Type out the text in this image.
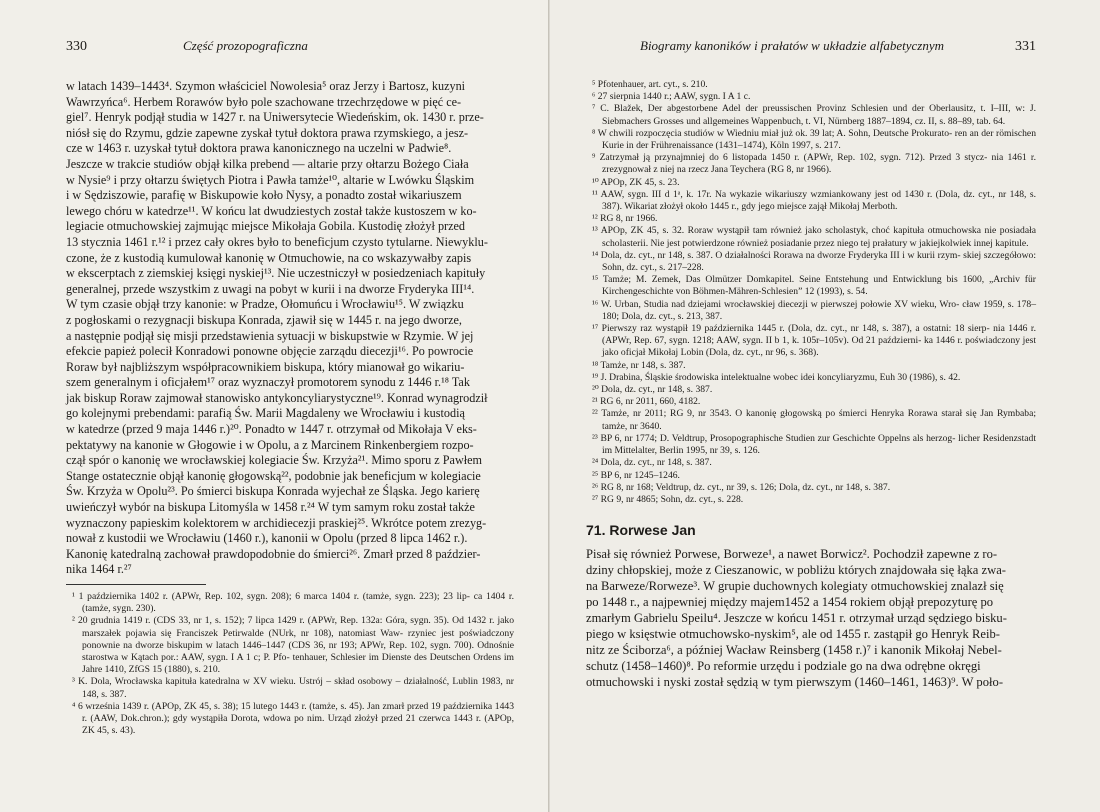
330	Część prozopograficzna

w latach 1439–1443⁴. Szymon właściciel Nowolesia⁵ oraz Jerzy i Bartosz, kuzyni

Wawrzyńca⁶. Herbem Rorawów było pole szachowane trzechrzędowe w pięć ce-

giel⁷. Henryk podjął studia w 1427 r. na Uniwersytecie Wiedeńskim, ok. 1430 r. prze-

niósł się do Rzymu, gdzie zapewne zyskał tytuł doktora prawa rzymskiego, a jesz-

cze w 1463 r. uzyskał tytuł doktora prawa kanonicznego na uczelni w Padwie⁸.

Jeszcze w trakcie studiów objął kilka prebend — altarie przy ołtarzu Bożego Ciała

w Nysie⁹ i przy ołtarzu świętych Piotra i Pawła tamże¹⁰, altarie w Lwówku Śląskim

i w Sędziszowie, parafię w Biskupowie koło Nysy, a ponadto został wikariuszem

lewego chóru w katedrze¹¹. W końcu lat dwudziestych został także kustoszem w ko-

legiacie otmuchowskiej zajmując miejsce Mikołaja Gobila. Kustodię złożył przed

13 stycznia 1461 r.¹² i przez cały okres było to beneficjum czysto tytularne. Niewyklu-

czone, że z kustodią kumulował kanonię w Otmuchowie, na co wskazywałby zapis

w ekscerptach z ziemskiej księgi nyskiej¹³. Nie uczestniczył w posiedzeniach kapituły

generalnej, przede wszystkim z uwagi na pobyt w kurii i na dworze Fryderyka III¹⁴.

W tym czasie objął trzy kanonie: w Pradze, Ołomuńcu i Wrocławiu¹⁵. W związku

z pogłoskami o rezygnacji biskupa Konrada, zjawił się w 1445 r. na jego dworze,

a następnie podjął się misji przedstawienia sytuacji w biskupstwie w Rzymie. W jej

efekcie papież polecił Konradowi ponowne objęcie zarządu diecezji¹⁶. Po powrocie

Roraw był najbliższym współpracownikiem biskupa, który mianował go wikariu-

szem generalnym i oficjałem¹⁷ oraz wyznaczył promotorem synodu z 1446 r.¹⁸ Tak

jak biskup Roraw zajmował stanowisko antykoncyliarystyczne¹⁹. Konrad wynagrodził

go kolejnymi prebendami: parafią Św. Marii Magdaleny we Wrocławiu i kustodią

w katedrze (przed 9 maja 1446 r.)²⁰. Ponadto w 1447 r. otrzymał od Mikołaja V eks-

pektatywy na kanonie w Głogowie i w Opolu, a z Marcinem Rinkenbergiem rozpo-

czął spór o kanonię we wrocławskiej kolegiacie Św. Krzyża²¹. Mimo sporu z Pawłem

Stange ostatecznie objął kanonię głogowską²², podobnie jak beneficjum w kolegiacie

Św. Krzyża w Opolu²³. Po śmierci biskupa Konrada wyjechał ze Śląska. Jego karierę

uwieńczył wybór na biskupa Litomyśla w 1458 r.²⁴ W tym samym roku został także

wyznaczony papieskim kolektorem w archidiecezji praskiej²⁵. Wkrótce potem zrezyg-

nował z kustodii we Wrocławiu (1460 r.), kanonii w Opolu (przed 8 lipca 1462 r.).

Kanonię katedralną zachował prawdopodobnie do śmierci²⁶. Zmarł przed 8 paździer-

nika 1464 r.²⁷

¹ 1 października 1402 r. (APWr, Rep. 102, sygn. 208); 6 marca 1404 r. (tamże, sygn. 223); 23 lip- ca 1404 r. (tamże, sygn. 230).

² 20 grudnia 1419 r. (CDS 33, nr 1, s. 152); 7 lipca 1429 r. (APWr, Rep. 132a: Góra, sygn. 35). Od 1432 r. jako marszałek pojawia się Franciszek Petirwalde (NUrk, nr 108), natomiast Waw- rzyniec jest poświadczony ponownie na dworze biskupim w latach 1446–1447 (CDS 36, nr 193; APWr, Rep. 102, sygn. 700). Odnośnie starostwa w Kątach por.: AAW, sygn. I A 1 c; P. Pfo- tenhauer, Schlesier im Dienste des Deutschen Ordens im Jahre 1410, ZfGS 15 (1880), s. 210.

³ K. Dola, Wrocławska kapituła katedralna w XV wieku. Ustrój – skład osobowy – działalność, Lublin 1983, nr 148, s. 387.

⁴ 6 września 1439 r. (APOp, ZK 45, s. 38); 15 lutego 1443 r. (tamże, s. 45). Jan zmarł przed 19 października 1443 r. (AAW, Dok.chron.); gdy wystąpiła Dorota, wdowa po nim. Urząd złożył przed 21 czerwca 1443 r. (APOp, ZK 45, s. 43).

Biogramy kanoników i prałatów w układzie alfabetycznym	331

⁵ Pfotenhauer, art. cyt., s. 210.

⁶ 27 sierpnia 1440 r.; AAW, sygn. I A 1 c.

⁷ C. Blažek, Der abgestorbene Adel der preussischen Provinz Schlesien und der Oberlausitz, t. I–III, w: J. Siebmachers Grosses und allgemeines Wappenbuch, t. VI, Nürnberg 1887–1894, cz. II, s. 88–89, tab. 64.

⁸ W chwili rozpoczęcia studiów w Wiedniu miał już ok. 39 lat; A. Sohn, Deutsche Prokurato- ren an der römischen Kurie in der Frührenaissance (1431–1474), Köln 1997, s. 217.

⁹ Zatrzymał ją przynajmniej do 6 listopada 1450 r. (APWr, Rep. 102, sygn. 712). Przed 3 stycz- nia 1461 r. zrezygnował z niej na rzecz Jana Teychera (RG 8, nr 1966).

¹⁰ APOp, ZK 45, s. 23.

¹¹ AAW, sygn. III d 1ᵃ, k. 17r. Na wykazie wikariuszy wzmiankowany jest od 1430 r. (Dola, dz. cyt., nr 148, s. 387). Wikariat złożył około 1445 r., gdy jego miejsce zajął Mikołaj Merboth.

¹² RG 8, nr 1966.

¹³ APOp, ZK 45, s. 32. Roraw wystąpił tam również jako scholastyk, choć kapituła otmuchowska nie posiadała scholasterii. Nie jest potwierdzone również posiadanie przez niego tej prałatury w jakiejkolwiek innej kapitule.

¹⁴ Dola, dz. cyt., nr 148, s. 387. O działalności Rorawa na dworze Fryderyka III i w kurii rzym- skiej szczegółowo: Sohn, dz. cyt., s. 217–228.

¹⁵ Tamże; M. Zemek, Das Olmützer Domkapitel. Seine Entstehung und Entwicklung bis 1600, „Archiv für Kirchengeschichte von Böhmen-Mähren-Schlesien” 12 (1993), s. 54.

¹⁶ W. Urban, Studia nad dziejami wrocławskiej diecezji w pierwszej połowie XV wieku, Wro- cław 1959, s. 178–180; Dola, dz. cyt., s. 213, 387.

¹⁷ Pierwszy raz wystąpił 19 października 1445 r. (Dola, dz. cyt., nr 148, s. 387), a ostatni: 18 sierp- nia 1446 r. (APWr, Rep. 67, sygn. 1218; AAW, sygn. II b 1, k. 105r–105v). Od 21 październi- ka 1446 r. poświadczony jest jako oficjał Mikołaj Lobin (Dola, dz. cyt., nr 96, s. 368).

¹⁸ Tamże, nr 148, s. 387.

¹⁹ J. Drabina, Śląskie środowiska intelektualne wobec idei koncyliaryzmu, Euh 30 (1986), s. 42.

²⁰ Dola, dz. cyt., nr 148, s. 387.

²¹ RG 6, nr 2011, 660, 4182.

²² Tamże, nr 2011; RG 9, nr 3543. O kanonię głogowską po śmierci Henryka Rorawa starał się Jan Rymbaba; tamże, nr 3640.

²³ BP 6, nr 1774; D. Veldtrup, Prosopographische Studien zur Geschichte Oppelns als herzog- licher Residenzstadt im Mittelalter, Berlin 1995, nr 39, s. 126.

²⁴ Dola, dz. cyt., nr 148, s. 387.

²⁵ BP 6, nr 1245–1246.

²⁶ RG 8, nr 168; Veldtrup, dz. cyt., nr 39, s. 126; Dola, dz. cyt., nr 148, s. 387.

²⁷ RG 9, nr 4865; Sohn, dz. cyt., s. 228.

71. Rorwese Jan

Pisał się również Porwese, Borweze¹, a nawet Borwicz². Pochodził zapewne z ro-

dziny chłopskiej, może z Cieszanowic, w pobliżu których znajdowała się łąka zwa-

na Barweze/Rorweze³. W grupie duchownych kolegiaty otmuchowskiej znalazł się

po 1448 r., a najpewniej między majem1452 a 1454 rokiem objął prepozyturę po

zmarłym Gabrielu Speilu⁴. Jeszcze w końcu 1451 r. otrzymał urząd sędziego bisku-

piego w księstwie otmuchowsko-nyskim⁵, ale od 1455 r. zastąpił go Henryk Reib-

nitz ze Ściborza⁶, a później Wacław Reinsberg (1458 r.)⁷ i kanonik Mikołaj Nebel-

schutz (1458–1460)⁸. Po reformie urzędu i podziale go na dwa odrębne okręgi

otmuchowski i nyski został sędzią w tym pierwszym (1460–1461, 1463)⁹. W poło-
